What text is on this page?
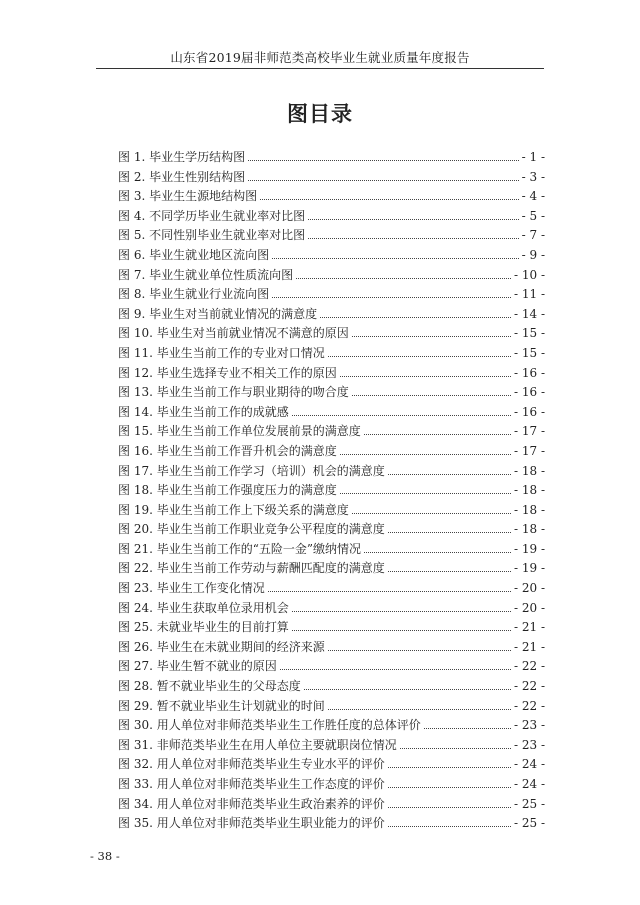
山东省2019届非师范类高校毕业生就业质量年度报告
图目录
图 1. 毕业生学历结构图	- 1 -
图 2. 毕业生性别结构图	- 3 -
图 3. 毕业生生源地结构图	- 4 -
图 4. 不同学历毕业生就业率对比图	- 5 -
图 5. 不同性别毕业生就业率对比图	- 7 -
图 6. 毕业生就业地区流向图	- 9 -
图 7. 毕业生就业单位性质流向图	- 10 -
图 8. 毕业生就业行业流向图	- 11 -
图 9. 毕业生对当前就业情况的满意度	- 14 -
图 10. 毕业生对当前就业情况不满意的原因	- 15 -
图 11. 毕业生当前工作的专业对口情况	- 15 -
图 12. 毕业生选择专业不相关工作的原因	- 16 -
图 13. 毕业生当前工作与职业期待的吻合度	- 16 -
图 14. 毕业生当前工作的成就感	- 16 -
图 15. 毕业生当前工作单位发展前景的满意度	- 17 -
图 16. 毕业生当前工作晋升机会的满意度	- 17 -
图 17. 毕业生当前工作学习（培训）机会的满意度	- 18 -
图 18. 毕业生当前工作强度压力的满意度	- 18 -
图 19. 毕业生当前工作上下级关系的满意度	- 18 -
图 20. 毕业生当前工作职业竞争公平程度的满意度	- 18 -
图 21. 毕业生当前工作的“五险一金”缴纳情况	- 19 -
图 22. 毕业生当前工作劳动与薪酬匹配度的满意度	- 19 -
图 23. 毕业生工作变化情况	- 20 -
图 24. 毕业生获取单位录用机会	- 20 -
图 25. 未就业毕业生的目前打算	- 21 -
图 26. 毕业生在未就业期间的经济来源	- 21 -
图 27. 毕业生暂不就业的原因	- 22 -
图 28. 暂不就业毕业生的父母态度	- 22 -
图 29. 暂不就业毕业生计划就业的时间	- 22 -
图 30. 用人单位对非师范类毕业生工作胜任度的总体评价	- 23 -
图 31. 非师范类毕业生在用人单位主要就职岗位情况	- 23 -
图 32. 用人单位对非师范类毕业生专业水平的评价	- 24 -
图 33. 用人单位对非师范类毕业生工作态度的评价	- 24 -
图 34. 用人单位对非师范类毕业生政治素养的评价	- 25 -
图 35. 用人单位对非师范类毕业生职业能力的评价	- 25 -
- 38 -
